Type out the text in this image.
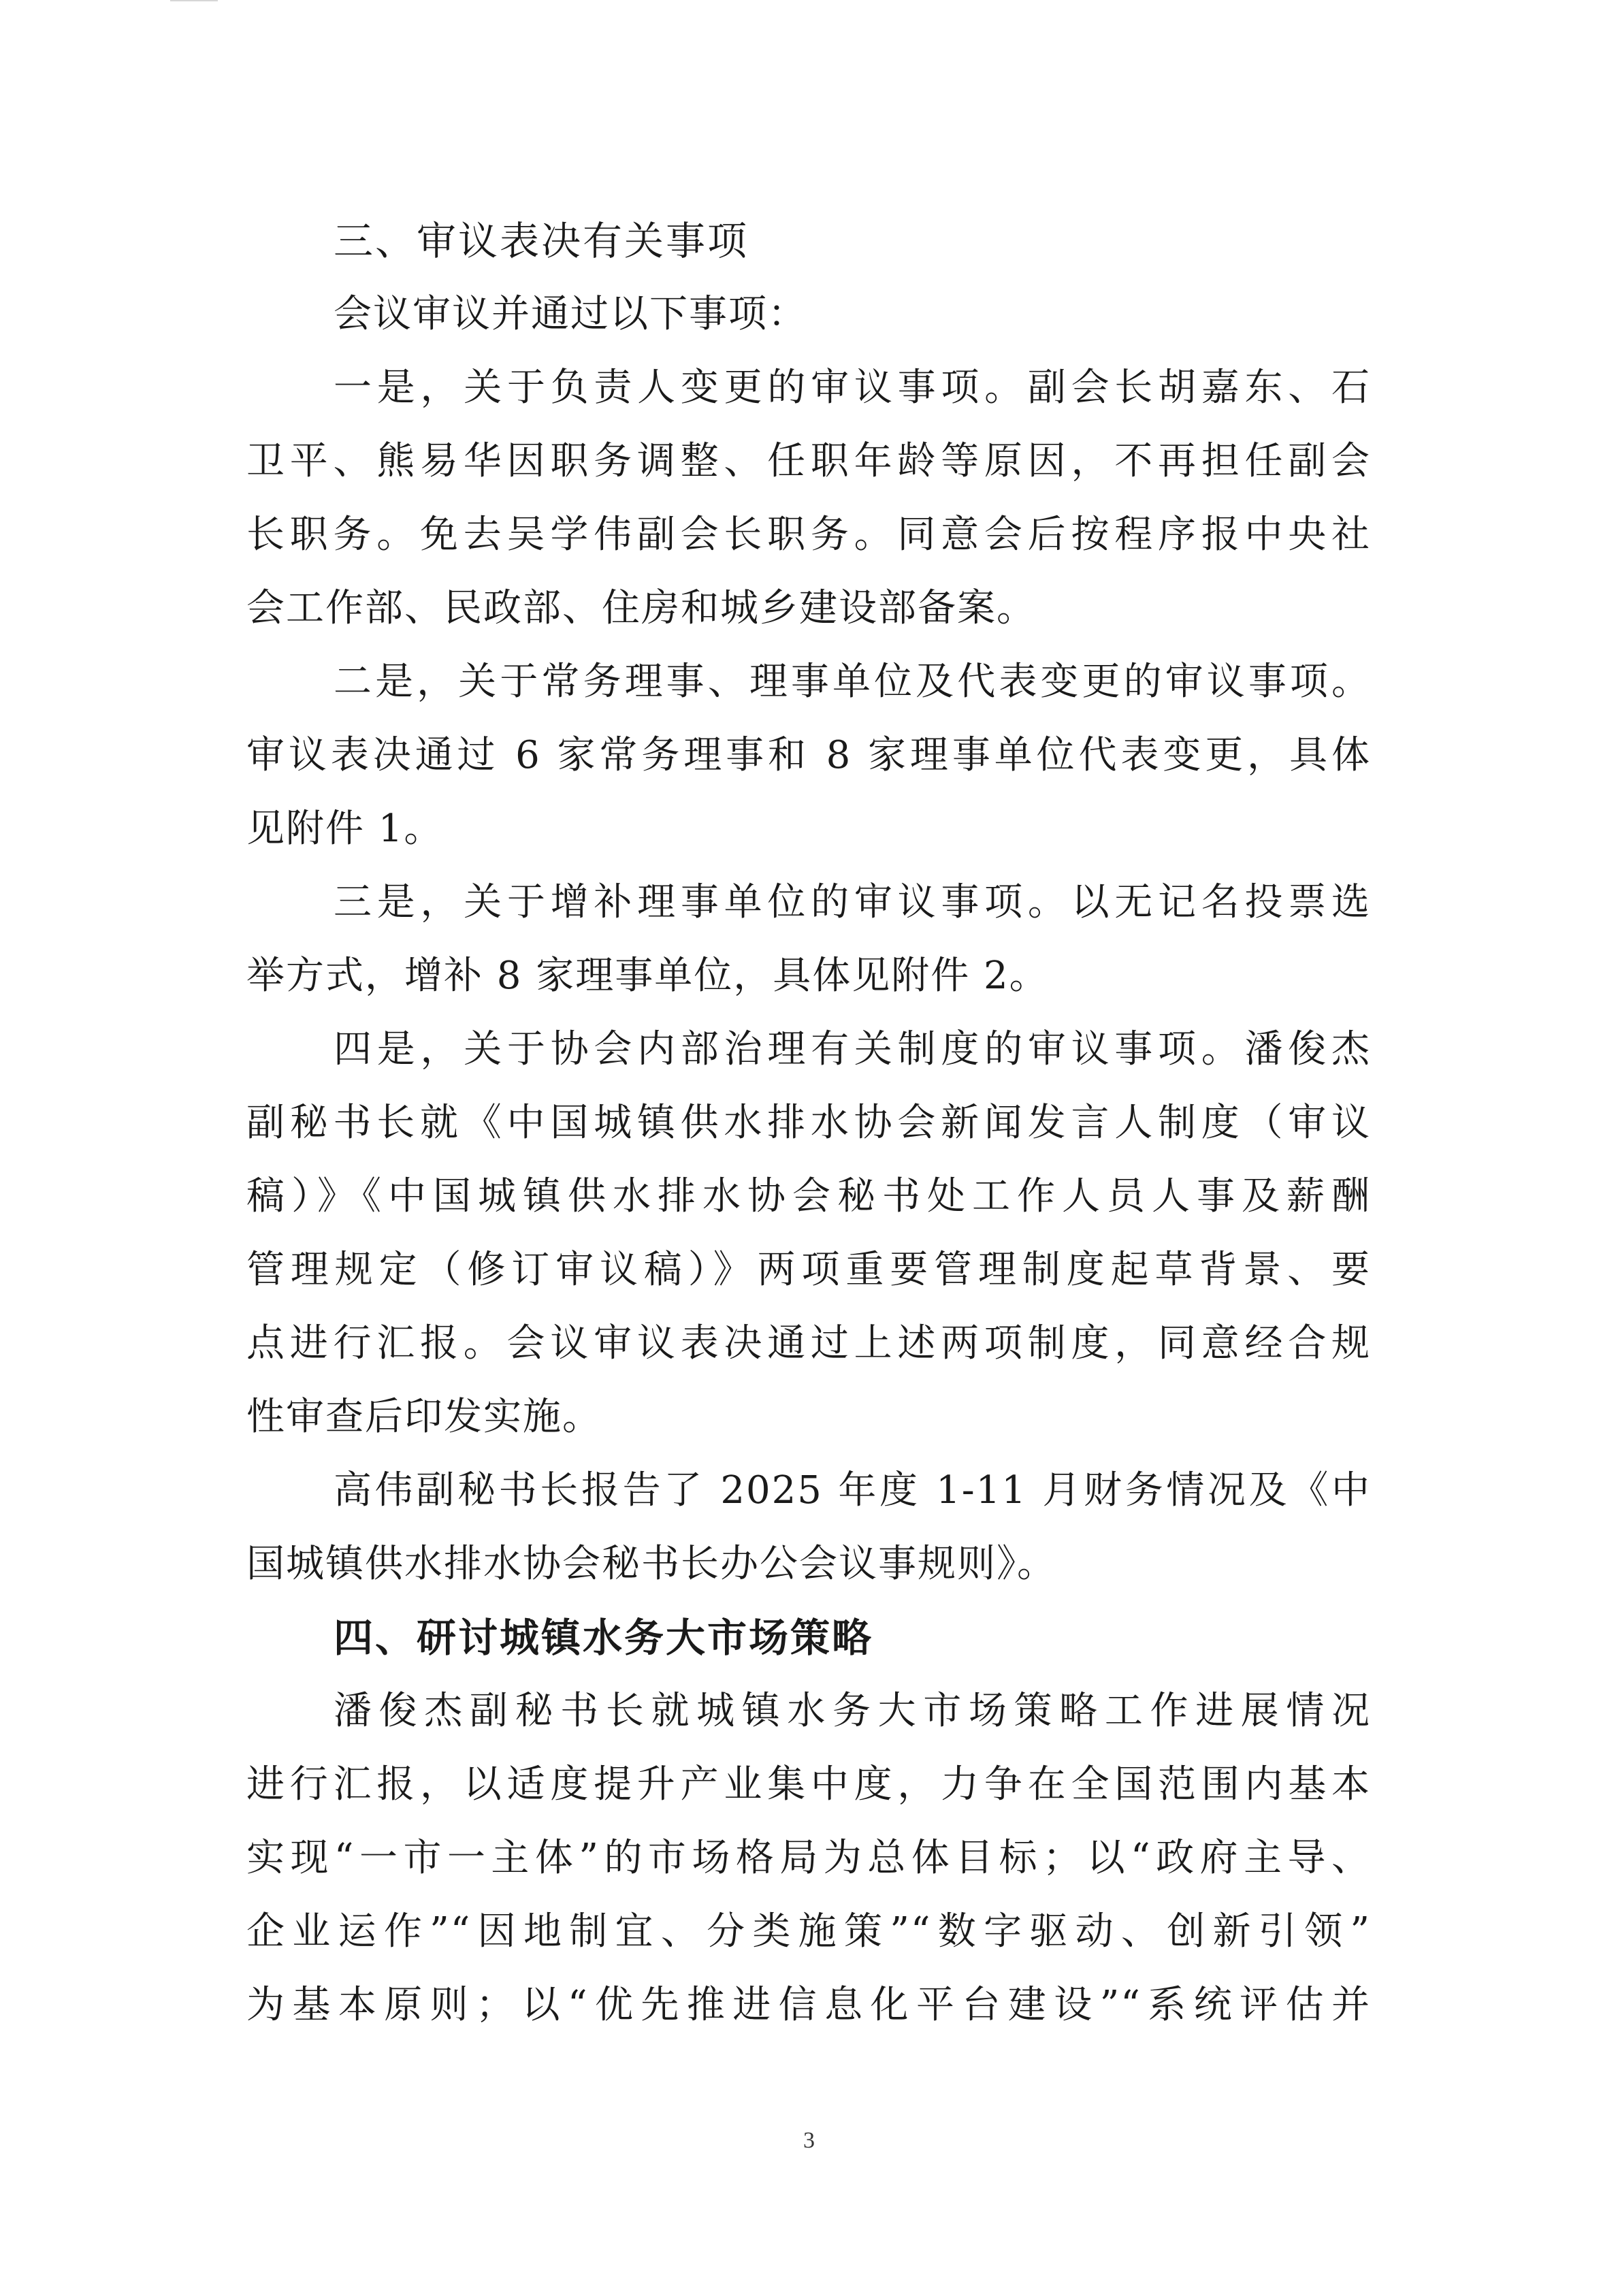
三、审议表决有关事项
会议审议并通过以下事项：
一是，关于负责人变更的审议事项。副会长胡嘉东、石
卫平、熊易华因职务调整、任职年龄等原因，不再担任副会
长职务。免去吴学伟副会长职务。同意会后按程序报中央社
会工作部、民政部、住房和城乡建设部备案。
二是，关于常务理事、理事单位及代表变更的审议事项。
审议表决通过 6 家常务理事和 8 家理事单位代表变更，具体
见附件 1。
三是，关于增补理事单位的审议事项。以无记名投票选
举方式，增补 8 家理事单位，具体见附件 2。
四是，关于协会内部治理有关制度的审议事项。潘俊杰
副秘书长就《中国城镇供水排水协会新闻发言人制度（审议
稿）》《中国城镇供水排水协会秘书处工作人员人事及薪酬
管理规定（修订审议稿）》两项重要管理制度起草背景、要
点进行汇报。会议审议表决通过上述两项制度，同意经合规
性审查后印发实施。
高伟副秘书长报告了 2025 年度 1-11 月财务情况及《中
国城镇供水排水协会秘书长办公会议事规则》。
四、研讨城镇水务大市场策略
潘俊杰副秘书长就城镇水务大市场策略工作进展情况
进行汇报，以适度提升产业集中度，力争在全国范围内基本
实现“一市一主体”的市场格局为总体目标；以“政府主导、
企业运作”“因地制宜、分类施策”“数字驱动、创新引领”
为基本原则；以“优先推进信息化平台建设”“系统评估并
3
